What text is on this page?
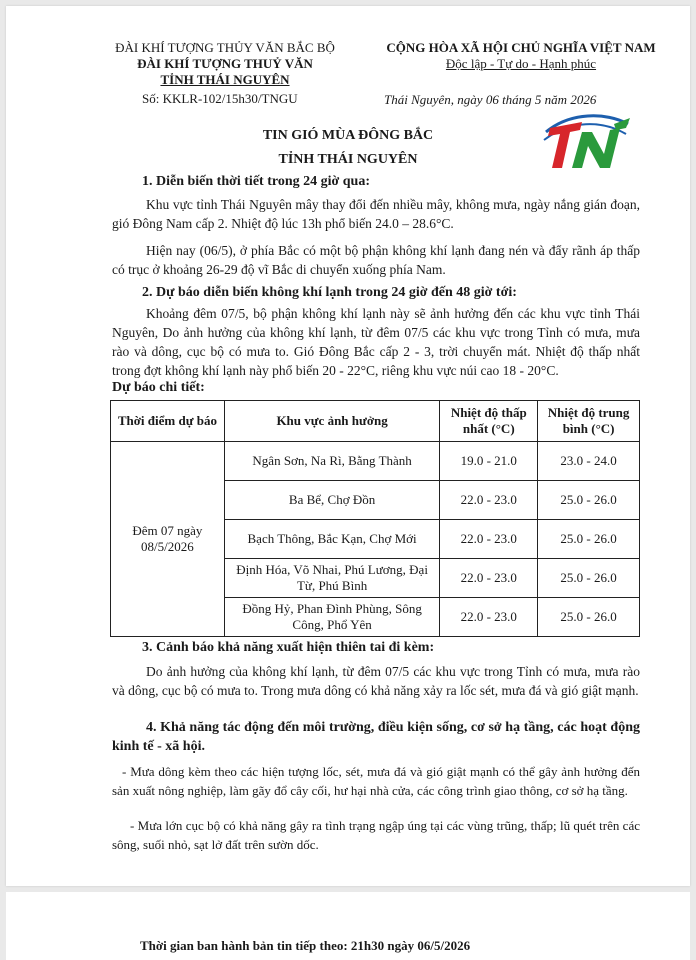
ĐÀI KHÍ TƯỢNG THỦY VĂN BẮC BỘ
ĐÀI KHÍ TƯỢNG THUỶ VĂN
TỈNH THÁI NGUYÊN
Số: KKLR-102/15h30/TNGU
CỘNG HÒA XÃ HỘI CHỦ NGHĨA VIỆT NAM
Độc lập - Tự do - Hạnh phúc
Thái Nguyên, ngày 06 tháng 5 năm 2026
TIN GIÓ MÙA ĐÔNG BẮC
TỈNH THÁI NGUYÊN
1. Diễn biến thời tiết trong 24 giờ qua:
Khu vực tỉnh Thái Nguyên mây thay đổi đến nhiều mây, không mưa, ngày nắng gián đoạn, gió Đông Nam cấp 2. Nhiệt độ lúc 13h phổ biến 24.0 – 28.6°C.
Hiện nay (06/5), ở phía Bắc có một bộ phận không khí lạnh đang nén và đẩy rãnh áp thấp có trục ở khoảng 26-29 độ vĩ Bắc di chuyển xuống phía Nam.
2. Dự báo diễn biến không khí lạnh trong 24 giờ đến 48 giờ tới:
Khoảng đêm 07/5, bộ phận không khí lạnh này sẽ ảnh hưởng đến các khu vực tỉnh Thái Nguyên, Do ảnh hưởng của không khí lạnh, từ đêm 07/5 các khu vực trong Tỉnh có mưa, mưa rào và dông, cục bộ có mưa to. Gió Đông Bắc cấp 2 - 3, trời chuyển mát. Nhiệt độ thấp nhất trong đợt không khí lạnh này phổ biến 20 - 22°C, riêng khu vực núi cao 18 - 20°C.
Dự báo chi tiết:
Thời điểm dự báo	Khu vực ảnh hưởng	Nhiệt độ thấp nhất (°C)	Nhiệt độ trung bình (°C)
Đêm 07 ngày 08/5/2026	Ngân Sơn, Na Rì, Bằng Thành	19.0 - 21.0	23.0 - 24.0
	Ba Bể, Chợ Đồn	22.0 - 23.0	25.0 - 26.0
	Bạch Thông, Bắc Kạn, Chợ Mới	22.0 - 23.0	25.0 - 26.0
	Định Hóa, Võ Nhai, Phú Lương, Đại Từ, Phú Bình	22.0 - 23.0	25.0 - 26.0
	Đồng Hỷ, Phan Đình Phùng, Sông Công, Phổ Yên	22.0 - 23.0	25.0 - 26.0
3. Cảnh báo khả năng xuất hiện thiên tai đi kèm:
Do ảnh hưởng của không khí lạnh, từ đêm 07/5 các khu vực trong Tỉnh có mưa, mưa rào và dông, cục bộ có mưa to. Trong mưa dông có khả năng xảy ra lốc sét, mưa đá và gió giật mạnh.
4. Khả năng tác động đến môi trường, điều kiện sống, cơ sở hạ tầng, các hoạt động kinh tế - xã hội.
- Mưa dông kèm theo các hiện tượng lốc, sét, mưa đá và gió giật mạnh có thể gây ảnh hưởng đến sản xuất nông nghiệp, làm gãy đổ cây cối, hư hại nhà cửa, các công trình giao thông, cơ sở hạ tầng.
- Mưa lớn cục bộ có khả năng gây ra tình trạng ngập úng tại các vùng trũng, thấp; lũ quét trên các sông, suối nhỏ, sạt lở đất trên sườn dốc.
Thời gian ban hành bản tin tiếp theo: 21h30 ngày 06/5/2026
